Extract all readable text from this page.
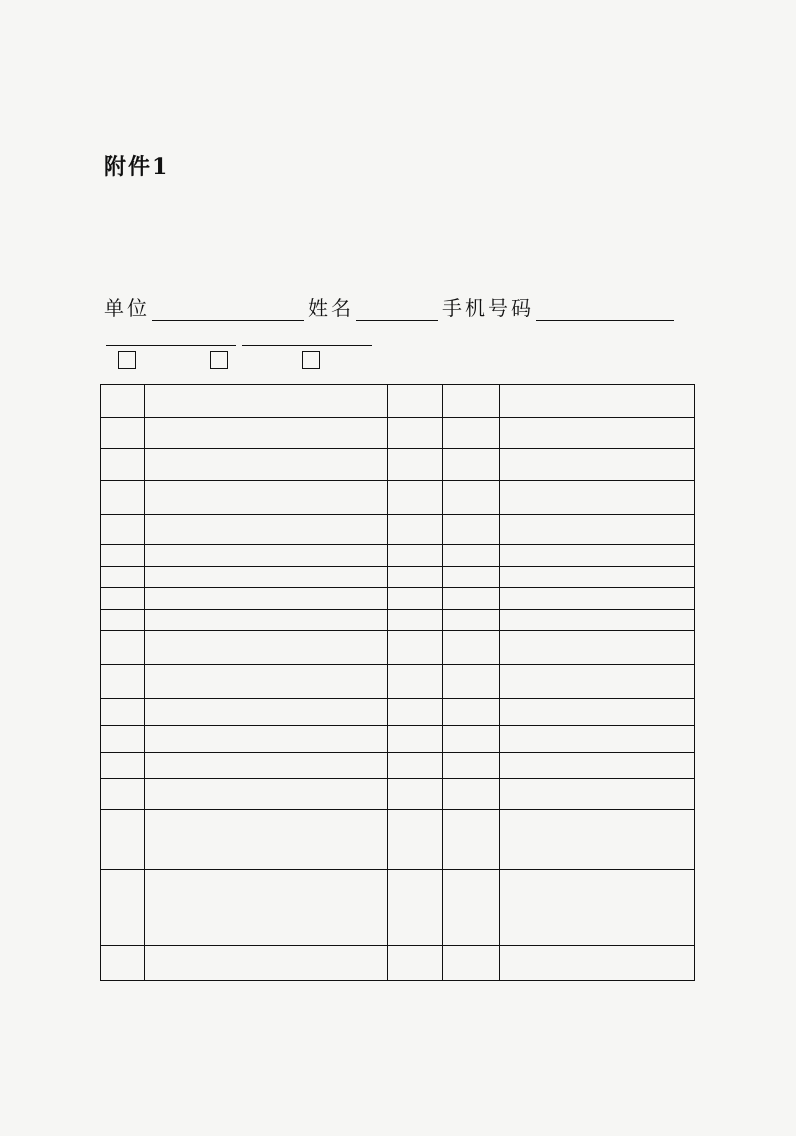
附件1
单位	姓名	手机号码
